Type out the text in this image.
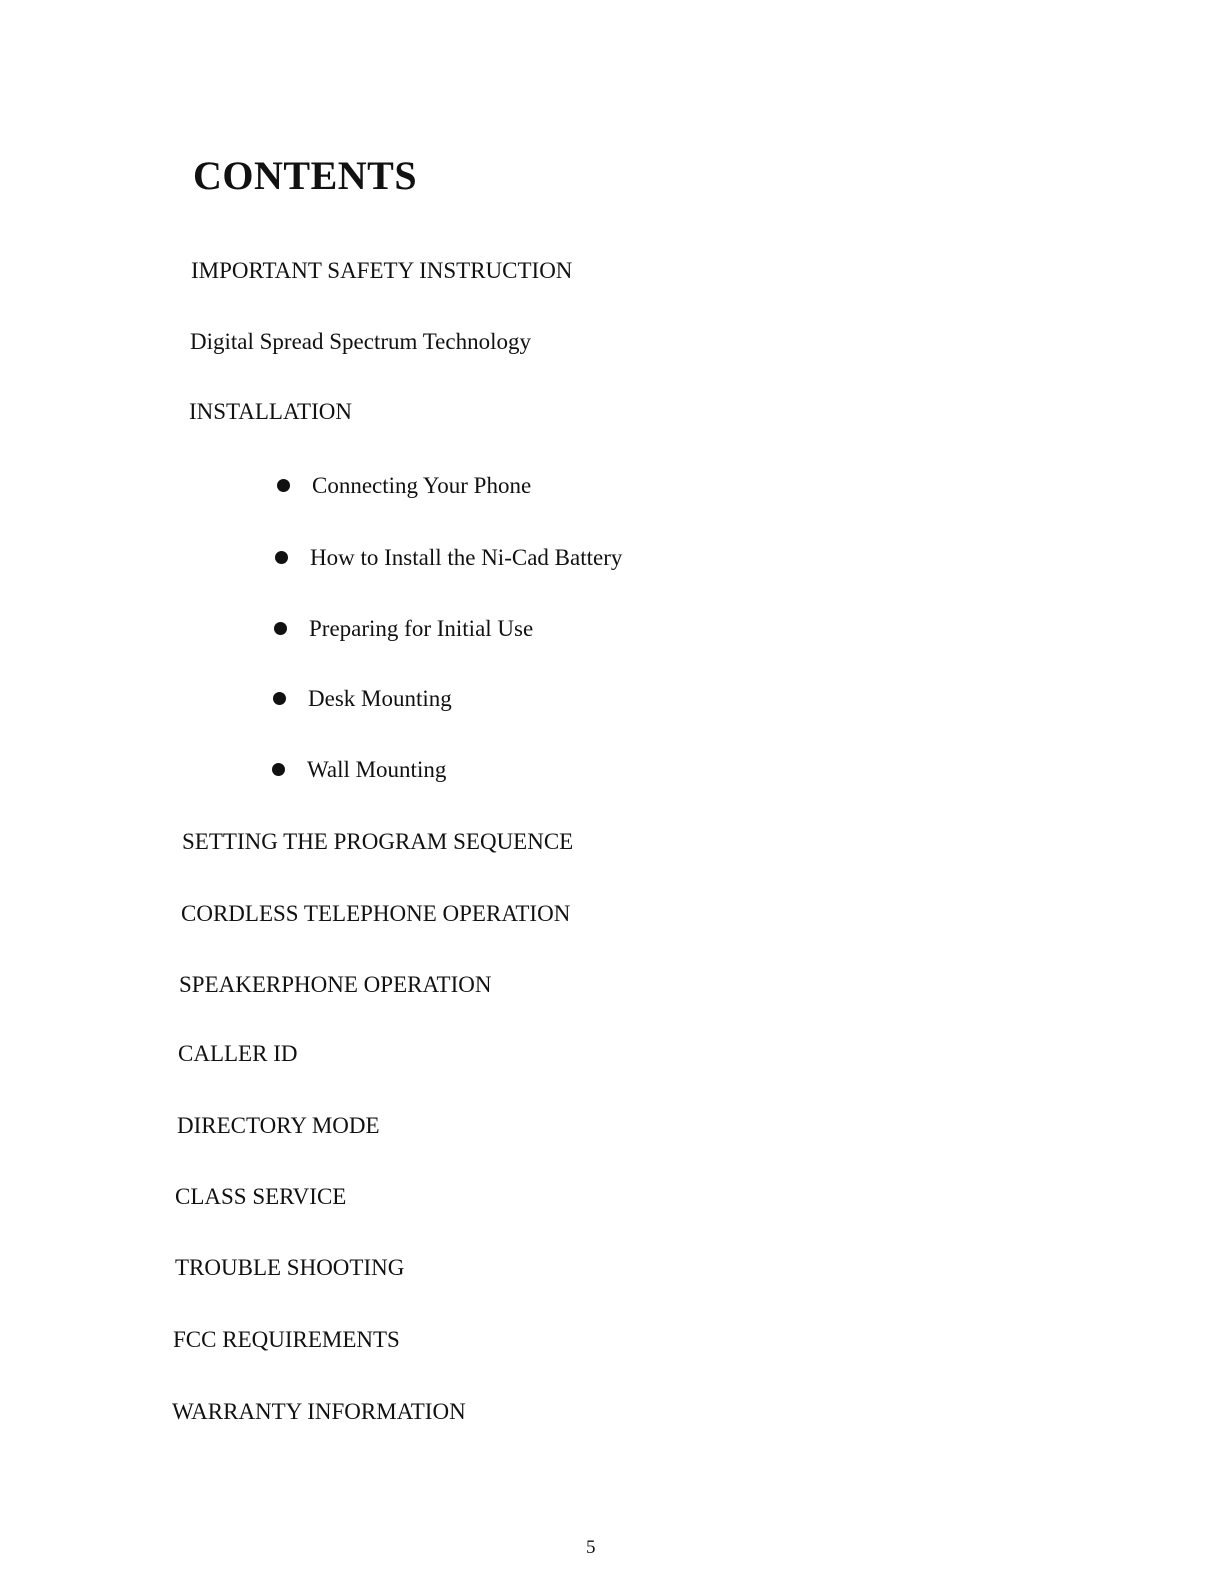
CONTENTS
IMPORTANT SAFETY INSTRUCTION
Digital Spread Spectrum Technology
INSTALLATION
Connecting Your Phone
How to Install the Ni-Cad Battery
Preparing for Initial Use
Desk Mounting
Wall Mounting
SETTING THE PROGRAM SEQUENCE
CORDLESS TELEPHONE OPERATION
SPEAKERPHONE OPERATION
CALLER ID
DIRECTORY MODE
CLASS SERVICE
TROUBLE SHOOTING
FCC REQUIREMENTS
WARRANTY INFORMATION
5
